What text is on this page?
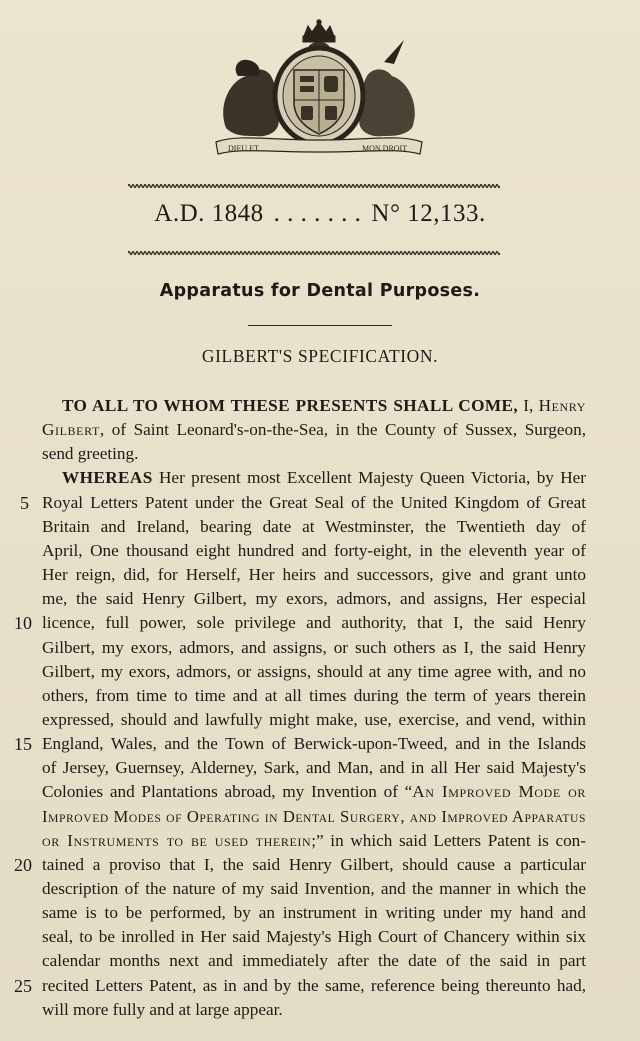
DIEU ET	MON DROIT
A.D. 1848 . . . . . . . N° 12,133.
Apparatus for Dental Purposes.
GILBERT'S SPECIFICATION.
TO ALL TO WHOM THESE PRESENTS SHALL COME, I, Henry
Gilbert, of Saint Leonard's-on-the-Sea, in the County of Sussex, Surgeon,
send greeting.
WHEREAS Her present most Excellent Majesty Queen Victoria, by Her
Royal Letters Patent under the Great Seal of the United Kingdom of Great
Britain and Ireland, bearing date at Westminster, the Twentieth day of
April, One thousand eight hundred and forty-eight, in the eleventh year of
Her reign, did, for Herself, Her heirs and successors, give and grant unto
me, the said Henry Gilbert, my exors, admors, and assigns, Her especial
licence, full power, sole privilege and authority, that I, the said Henry
Gilbert, my exors, admors, and assigns, or such others as I, the said Henry
Gilbert, my exors, admors, or assigns, should at any time agree with, and no
others, from time to time and at all times during the term of years therein
expressed, should and lawfully might make, use, exercise, and vend, within
England, Wales, and the Town of Berwick-upon-Tweed, and in the Islands
of Jersey, Guernsey, Alderney, Sark, and Man, and in all Her said Majesty's
Colonies and Plantations abroad, my Invention of “An Improved Mode or
Improved Modes of Operating in Dental Surgery, and Improved Apparatus
or Instruments to be used therein;” in which said Letters Patent is con-
tained a proviso that I, the said Henry Gilbert, should cause a particular
description of the nature of my said Invention, and the manner in which the
same is to be performed, by an instrument in writing under my hand and
seal, to be inrolled in Her said Majesty's High Court of Chancery within six
calendar months next and immediately after the date of the said in part
recited Letters Patent, as in and by the same, reference being thereunto had,
will more fully and at large appear.
5
10
15
20
25
